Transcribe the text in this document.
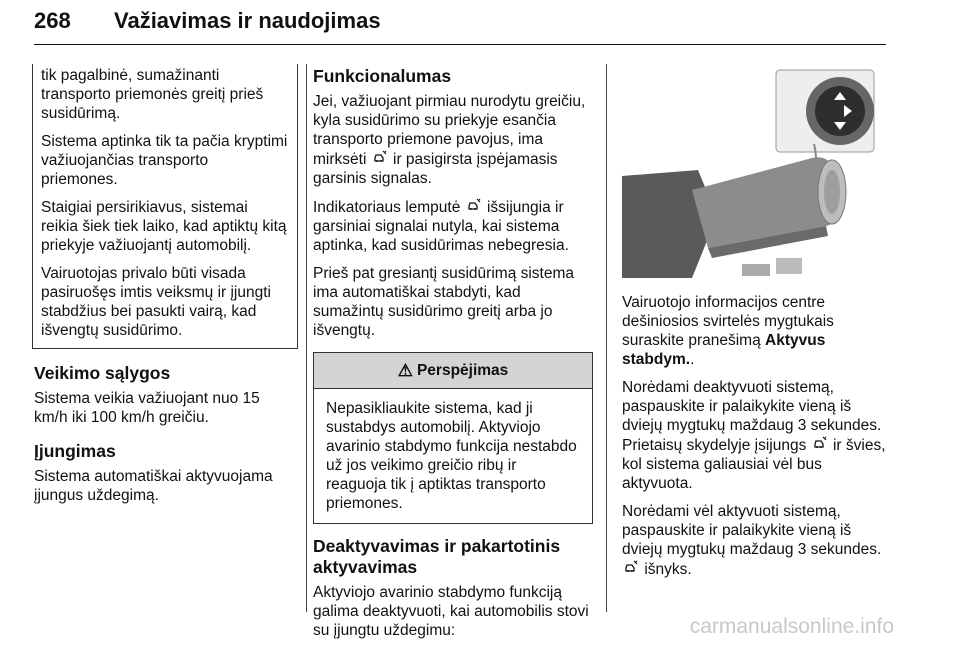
268 Važiavimas ir naudojimas

tik pagalbinė, sumažinanti transporto priemonės greitį prieš susidūrimą.

Sistema aptinka tik ta pačia kryptimi važiuojančias transporto priemones.

Staigiai persirikiavus, sistemai reikia šiek tiek laiko, kad aptiktų kitą priekyje važiuojantį automobilį.

Vairuotojas privalo būti visada pasiruošęs imtis veiksmų ir įjungti stabdžius bei pasukti vairą, kad išvengtų susidūrimo.

Veikimo sąlygos

Sistema veikia važiuojant nuo 15 km/h iki 100 km/h greičiu.

Įjungimas

Sistema automatiškai aktyvuojama įjungus uždegimą.

Funkcionalumas

Jei, važiuojant pirmiau nurodytu greičiu, kyla susidūrimo su priekyje esančia transporto priemone pavojus, ima mirksėti ir pasigirsta įspėjamasis garsinis signalas.

Indikatoriaus lemputė išsijungia ir garsiniai signalai nutyla, kai sistema aptinka, kad susidūrimas nebegresia.

Prieš pat gresiantį susidūrimą sistema ima automatiškai stabdyti, kad sumažintų susidūrimo greitį arba jo išvengtų.

⚠ Perspėjimas

Nepasikliaukite sistema, kad ji sustabdys automobilį. Aktyviojo avarinio stabdymo funkcija nestabdo už jos veikimo greičio ribų ir reaguoja tik į aptiktas transporto priemones.

Deaktyvavimas ir pakartotinis aktyvavimas

Aktyviojo avarinio stabdymo funkciją galima deaktyvuoti, kai automobilis stovi su įjungtu uždegimu:

Vairuotojo informacijos centre dešiniosios svirtelės mygtukais suraskite pranešimą Aktyvus stabdym..

Norėdami deaktyvuoti sistemą, paspauskite ir palaikykite vieną iš dviejų mygtukų maždaug 3 sekundes. Prietaisų skydelyje įsijungs ir švies, kol sistema galiausiai vėl bus aktyvuota.

Norėdami vėl aktyvuoti sistemą, paspauskite ir palaikykite vieną iš dviejų mygtukų maždaug 3 sekundes.  išnyks.

carmanualsonline.info
